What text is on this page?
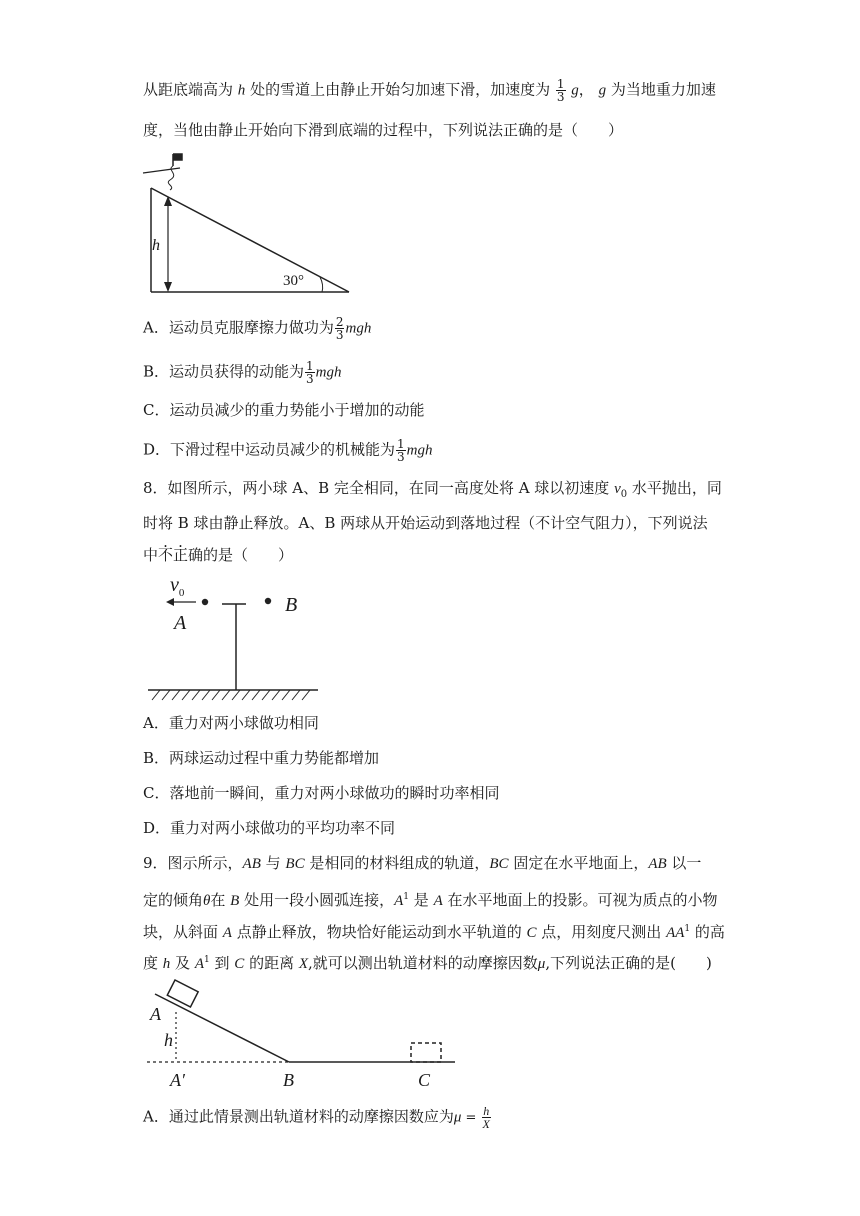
从距底端高为 h 处的雪道上由静止开始匀加速下滑，加速度为 $\frac{1}{3}$ g， g 为当地重力加速
度，当他由静止开始向下滑到底端的过程中，下列说法正确的是（　　）
h
30°
A．运动员克服摩擦力做功为 $\frac{2}{3}$ mgh
B．运动员获得的动能为 $\frac{1}{3}$ mgh
C．运动员减少的重力势能小于增加的动能
D．下滑过程中运动员减少的机械能为 $\frac{1}{3}$ mgh
8．如图所示，两小球 A、B 完全相同，在同一高度处将 A 球以初速度 $v_0$ 水平抛出，同
时将 B 球由静止释放。A、B 两球从开始运动到落地过程（不计空气阻力），下列说法
中不正确的是（　　）
$v_0$
A
B
A．重力对两小球做功相同
B．两球运动过程中重力势能都增加
C．落地前一瞬间，重力对两小球做功的瞬时功率相同
D．重力对两小球做功的平均功率不同
9．图示所示，AB 与 BC 是相同的材料组成的轨道，BC 固定在水平地面上，AB 以一
定的倾角θ在 B 处用一段小圆弧连接，$A^1$ 是 A 在水平地面上的投影。可视为质点的小物
块，从斜面 A 点静止释放，物块恰好能运动到水平轨道的 C 点，用刻度尺测出 $AA^1$ 的高
度 h 及 $A^1$ 到 C 的距离 X,就可以测出轨道材料的动摩擦因数μ,下列说法正确的是(　　)
A
h
A′	B	C
A．通过此情景测出轨道材料的动摩擦因数应为$\mu = \frac{h}{X}$
